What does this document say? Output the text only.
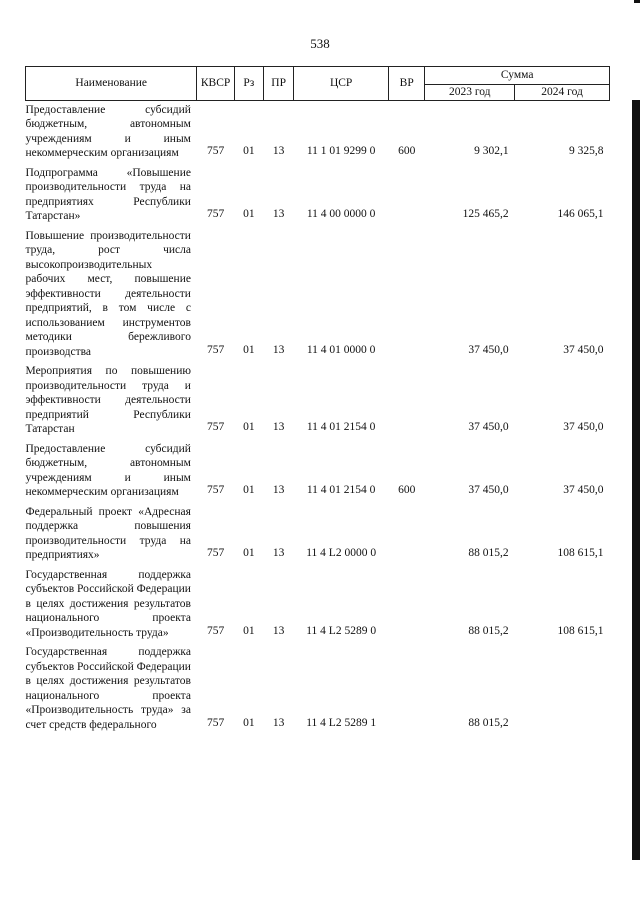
538
Наименование	КВСР	Рз	ПР	ЦСР	ВР	Сумма	
						2023 год	2024 год
Предоставление субсидий бюджетным, автономным учреждениям и иным некоммерческим организациям	757	01	13	11 1 01 9299 0	600	9 302,1	9 325,8
Подпрограмма «Повышение производительности труда на предприятиях Республики Татарстан»	757	01	13	11 4 00 0000 0		125 465,2	146 065,1
Повышение производительности труда, рост числа высокопроизводительных рабочих мест, повышение эффективности деятельности предприятий, в том числе с использованием инструментов методики бережливого производства	757	01	13	11 4 01 0000 0		37 450,0	37 450,0
Мероприятия по повышению производительности труда и эффективности деятельности предприятий Республики Татарстан	757	01	13	11 4 01 2154 0		37 450,0	37 450,0
Предоставление субсидий бюджетным, автономным учреждениям и иным некоммерческим организациям	757	01	13	11 4 01 2154 0	600	37 450,0	37 450,0
Федеральный проект «Адресная поддержка повышения производительности труда на предприятиях»	757	01	13	11 4 L2 0000 0		88 015,2	108 615,1
Государственная поддержка субъектов Российской Федерации в целях достижения результатов национального проекта «Производительность труда»	757	01	13	11 4 L2 5289 0		88 015,2	108 615,1
Государственная поддержка субъектов Российской Федерации в целях достижения результатов национального проекта «Производительность труда» за счет средств федерального	757	01	13	11 4 L2 5289 1		88 015,2	
